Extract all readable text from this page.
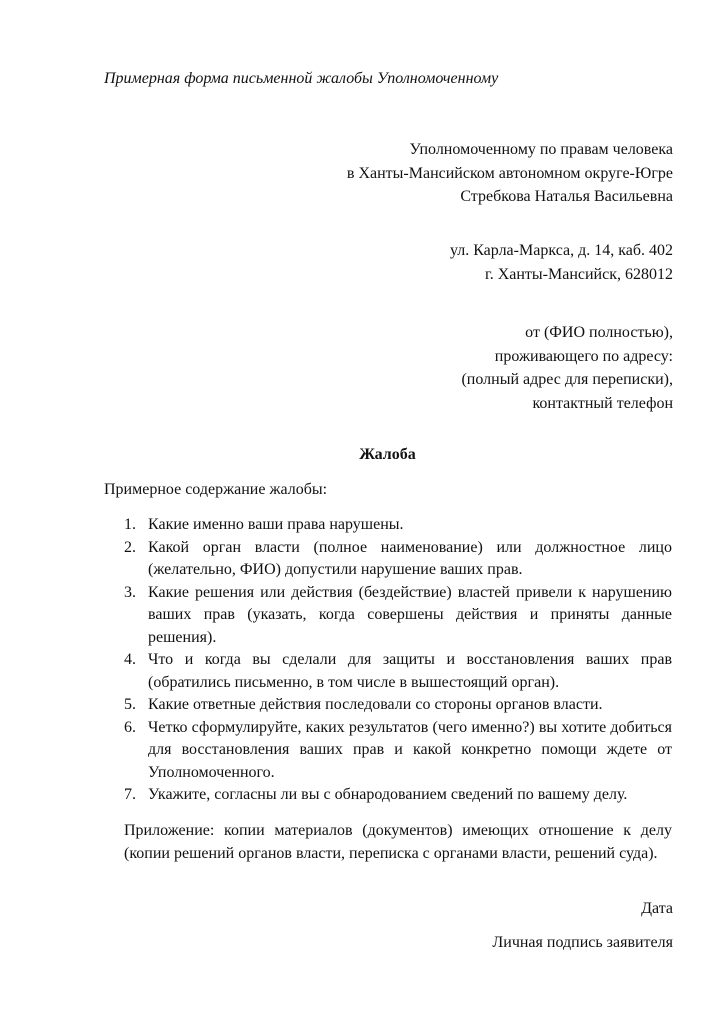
Примерная форма письменной жалобы Уполномоченному
Уполномоченному по правам человека
в Ханты-Мансийском автономном округе-Югре
Стребкова Наталья Васильевна
ул. Карла-Маркса, д. 14, каб. 402
г. Ханты-Мансийск, 628012
от (ФИО полностью),
проживающего по адресу:
(полный адрес для переписки),
контактный телефон
Жалоба
Примерное содержание жалобы:
1. Какие именно ваши права нарушены.
2. Какой орган власти (полное наименование) или должностное лицо (желательно, ФИО) допустили нарушение ваших прав.
3. Какие решения или действия (бездействие) властей привели к нарушению ваших прав (указать, когда совершены действия и приняты данные решения).
4. Что и когда вы сделали для защиты и восстановления ваших прав (обратились письменно, в том числе в вышестоящий орган).
5. Какие ответные действия последовали со стороны органов власти.
6. Четко сформулируйте, каких результатов (чего именно?) вы хотите добиться для восстановления ваших прав и какой конкретно помощи ждете от Уполномоченного.
7. Укажите, согласны ли вы с обнародованием сведений по вашему делу.
Приложение: копии материалов (документов) имеющих отношение к делу (копии решений органов власти, переписка с органами власти, решений суда).
Дата
Личная подпись заявителя
